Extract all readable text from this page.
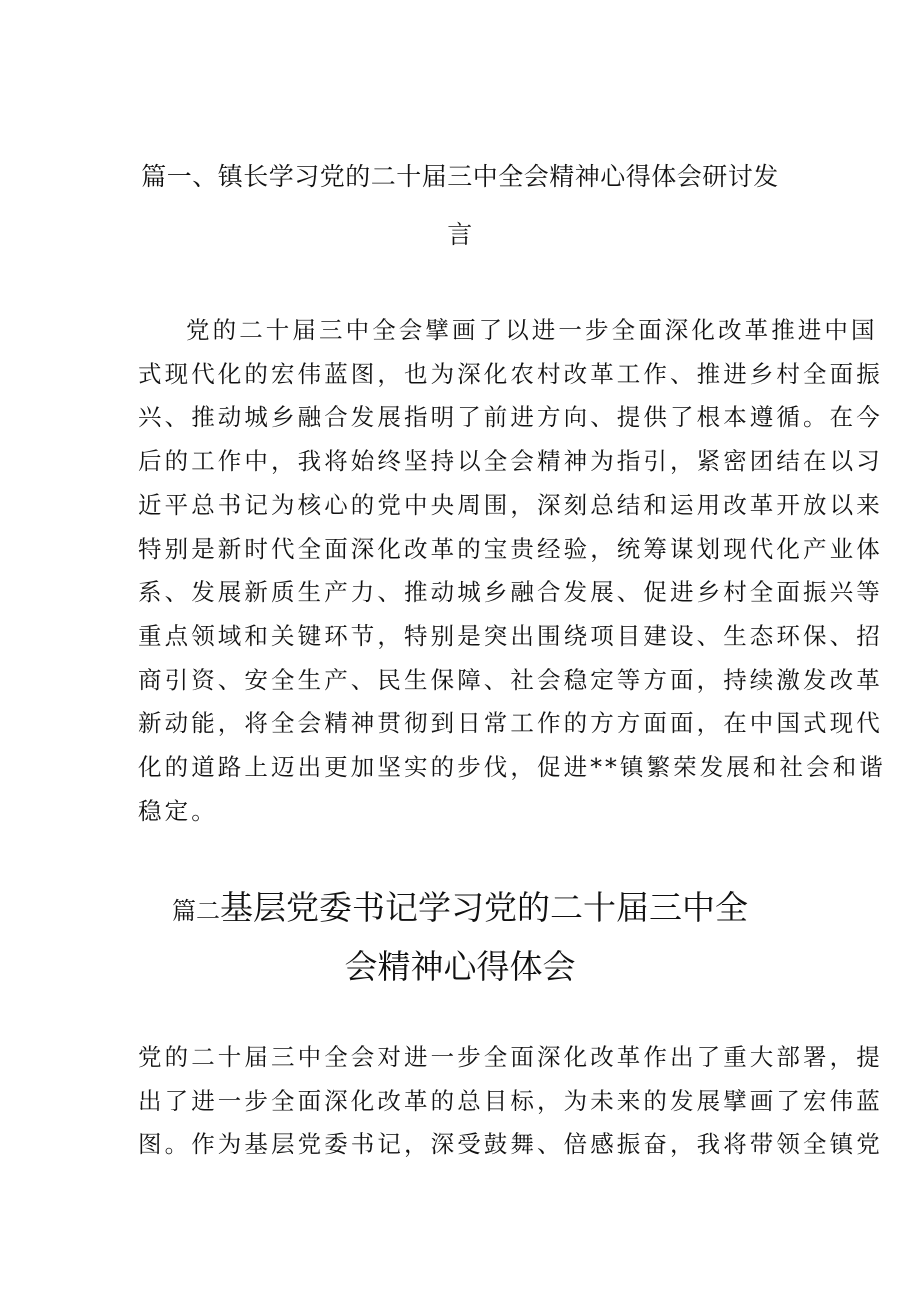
篇一、镇长学习党的二十届三中全会精神心得体会研讨发
言

党的二十届三中全会擘画了以进一步全面深化改革推进中国
式现代化的宏伟蓝图，也为深化农村改革工作、推进乡村全面振
兴、推动城乡融合发展指明了前进方向、提供了根本遵循。在今
后的工作中，我将始终坚持以全会精神为指引，紧密团结在以习
近平总书记为核心的党中央周围，深刻总结和运用改革开放以来
特别是新时代全面深化改革的宝贵经验，统筹谋划现代化产业体
系、发展新质生产力、推动城乡融合发展、促进乡村全面振兴等
重点领域和关键环节，特别是突出围绕项目建设、生态环保、招
商引资、安全生产、民生保障、社会稳定等方面，持续激发改革
新动能，将全会精神贯彻到日常工作的方方面面，在中国式现代
化的道路上迈出更加坚实的步伐，促进**镇繁荣发展和社会和谐
稳定。

篇二基层党委书记学习党的二十届三中全
会精神心得体会

党的二十届三中全会对进一步全面深化改革作出了重大部署，提
出了进一步全面深化改革的总目标，为未来的发展擘画了宏伟蓝
图。作为基层党委书记，深受鼓舞、倍感振奋，我将带领全镇党
